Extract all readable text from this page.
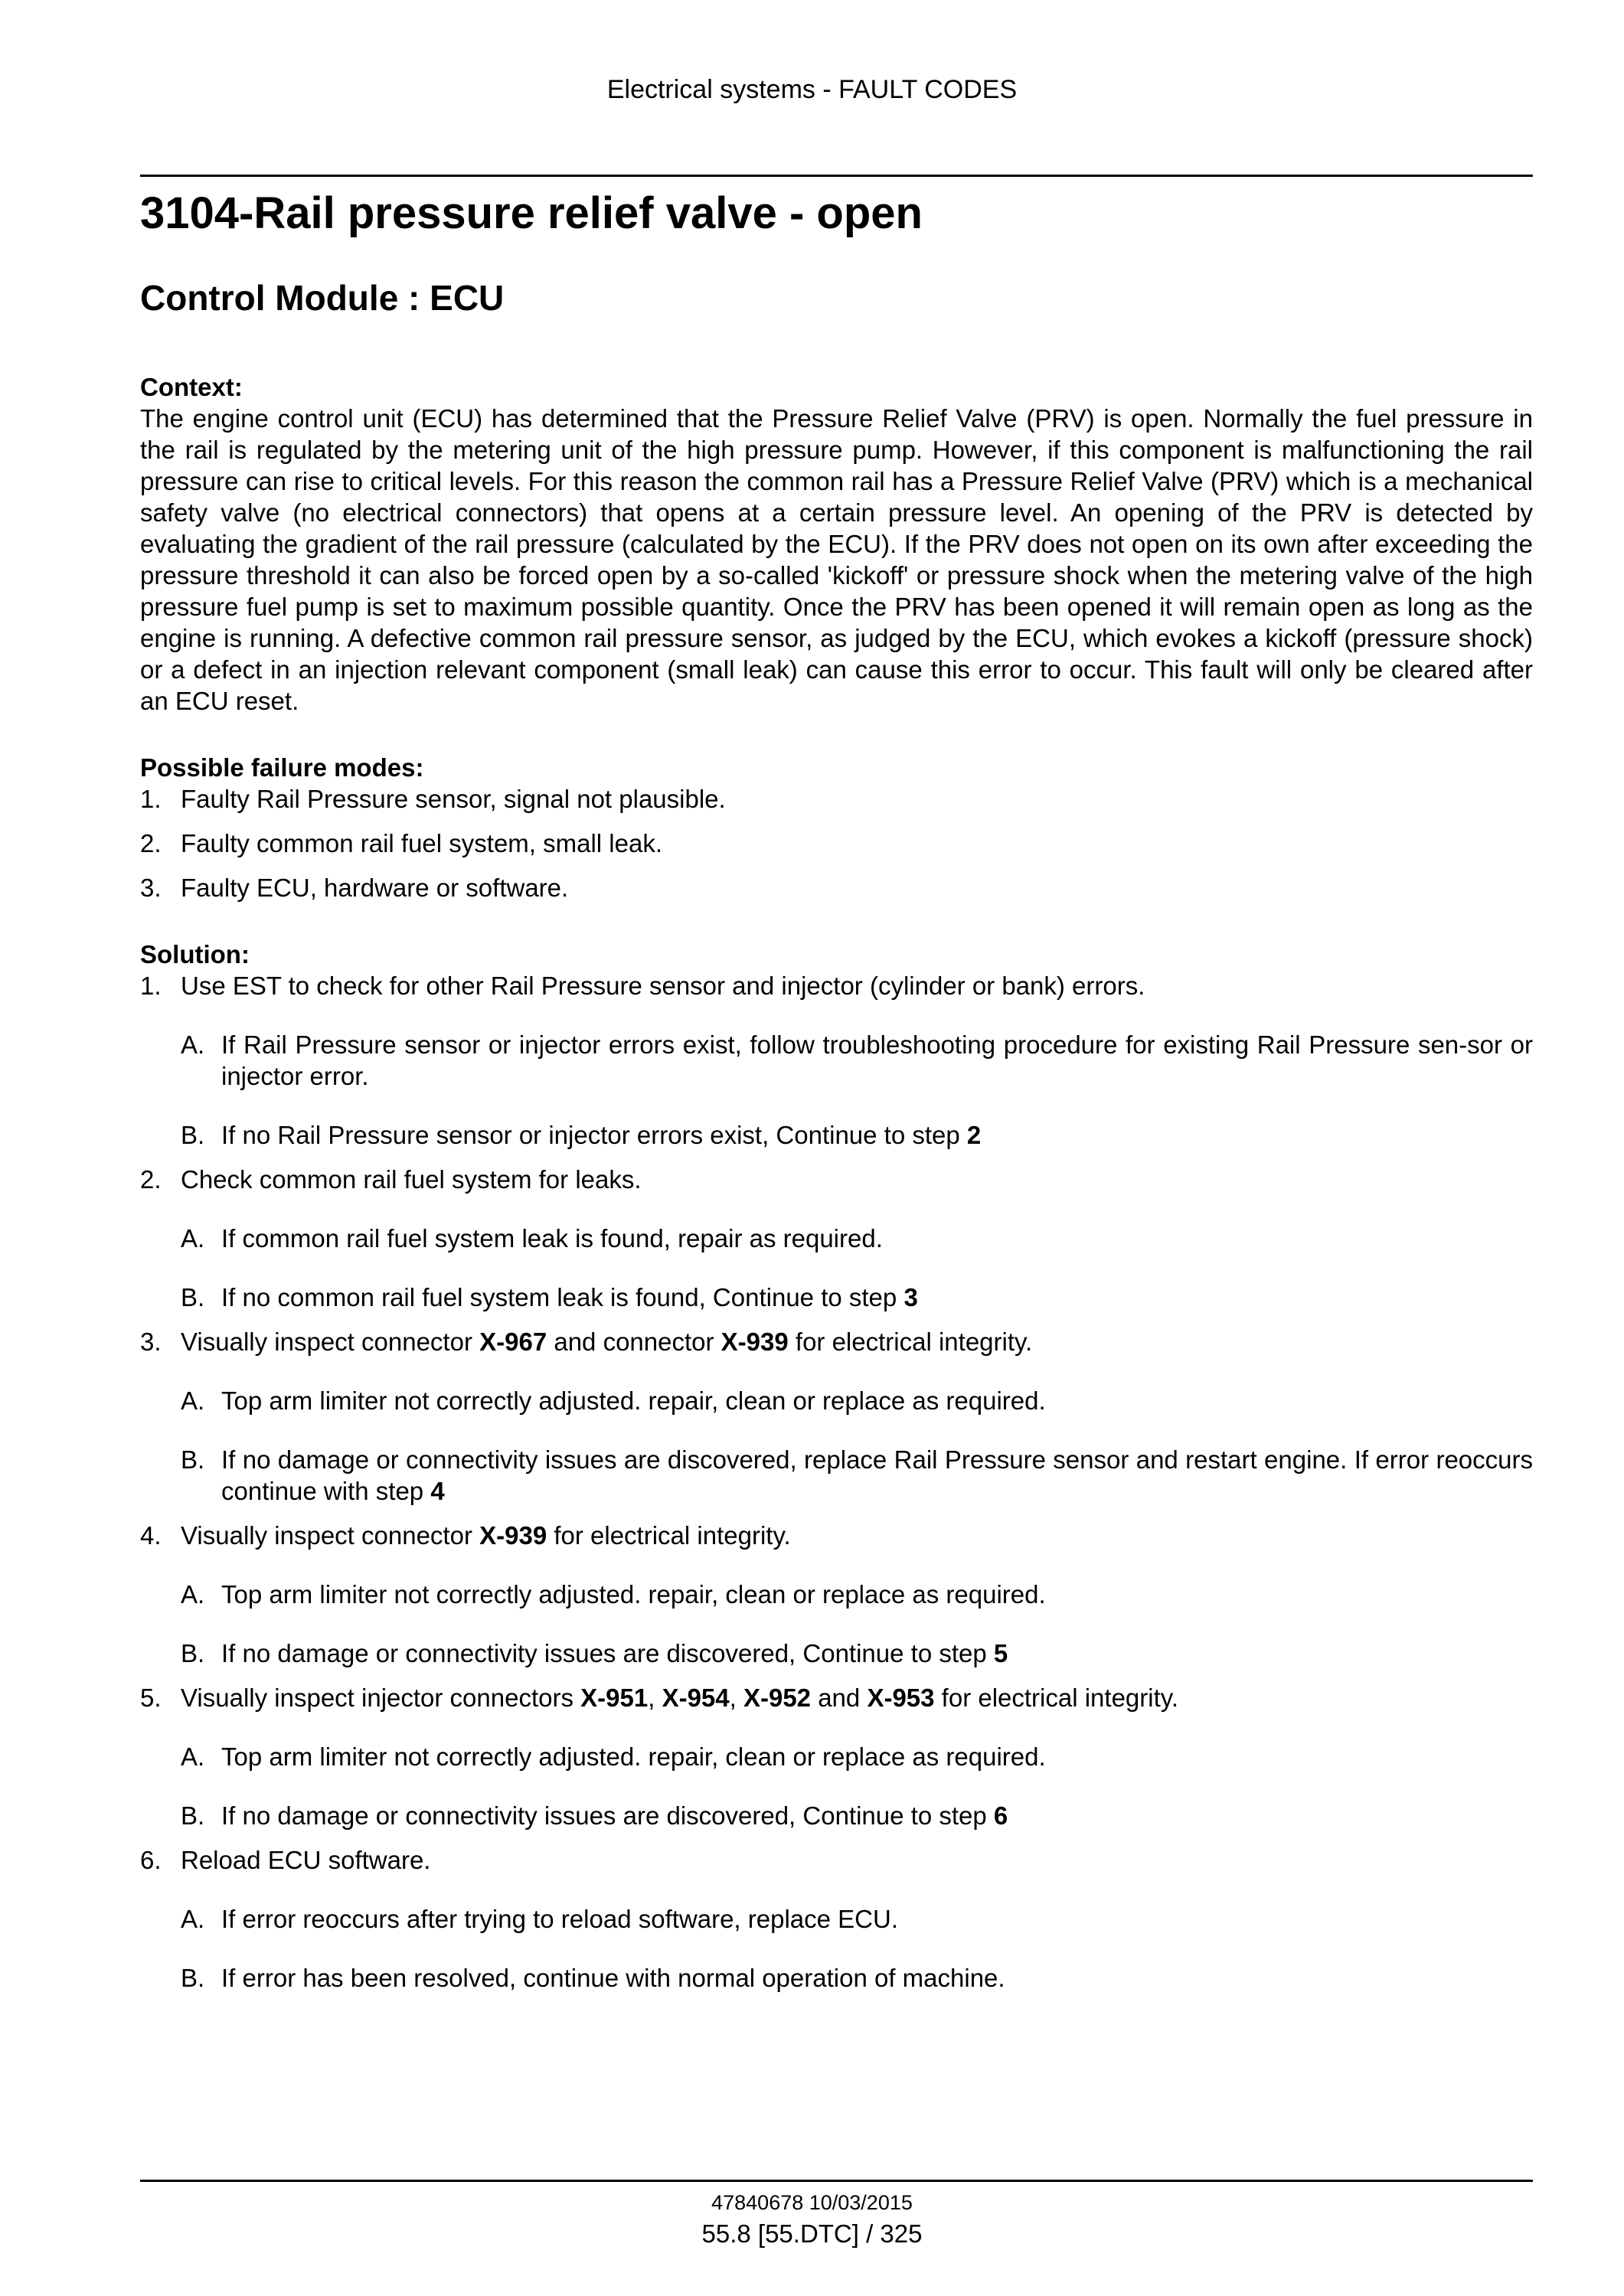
Electrical systems - FAULT CODES
3104-Rail pressure relief valve - open
Control Module : ECU
Context:

The engine control unit (ECU) has determined that the Pressure Relief Valve (PRV) is open. Normally the fuel pressure in the rail is regulated by the metering unit of the high pressure pump. However, if this component is malfunctioning the rail pressure can rise to critical levels. For this reason the common rail has a Pressure Relief Valve (PRV) which is a mechanical safety valve (no electrical connectors) that opens at a certain pressure level. An opening of the PRV is detected by evaluating the gradient of the rail pressure (calculated by the ECU). If the PRV does not open on its own after exceeding the pressure threshold it can also be forced open by a so-called 'kickoff' or pressure shock when the metering valve of the high pressure fuel pump is set to maximum possible quantity. Once the PRV has been opened it will remain open as long as the engine is running. A defective common rail pressure sensor, as judged by the ECU, which evokes a kickoff (pressure shock) or a defect in an injection relevant component (small leak) can cause this error to occur. This fault will only be cleared after an ECU reset.

Possible failure modes:
1. Faulty Rail Pressure sensor, signal not plausible.
2. Faulty common rail fuel system, small leak.
3. Faulty ECU, hardware or software.
Solution:
1. Use EST to check for other Rail Pressure sensor and injector (cylinder or bank) errors.
A. If Rail Pressure sensor or injector errors exist, follow troubleshooting procedure for existing Rail Pressure sen-sor or injector error.
B. If no Rail Pressure sensor or injector errors exist, Continue to step 2
2. Check common rail fuel system for leaks.
A. If common rail fuel system leak is found, repair as required.
B. If no common rail fuel system leak is found, Continue to step 3
3. Visually inspect connector X-967 and connector X-939 for electrical integrity.
A. Top arm limiter not correctly adjusted. repair, clean or replace as required.
B. If no damage or connectivity issues are discovered, replace Rail Pressure sensor and restart engine. If error reoccurs continue with step 4
4. Visually inspect connector X-939 for electrical integrity.
A. Top arm limiter not correctly adjusted. repair, clean or replace as required.
B. If no damage or connectivity issues are discovered, Continue to step 5
5. Visually inspect injector connectors X-951, X-954, X-952 and X-953 for electrical integrity.
A. Top arm limiter not correctly adjusted. repair, clean or replace as required.
B. If no damage or connectivity issues are discovered, Continue to step 6
6. Reload ECU software.
A. If error reoccurs after trying to reload software, replace ECU.
B. If error has been resolved, continue with normal operation of machine.
47840678 10/03/2015
55.8 [55.DTC] / 325
